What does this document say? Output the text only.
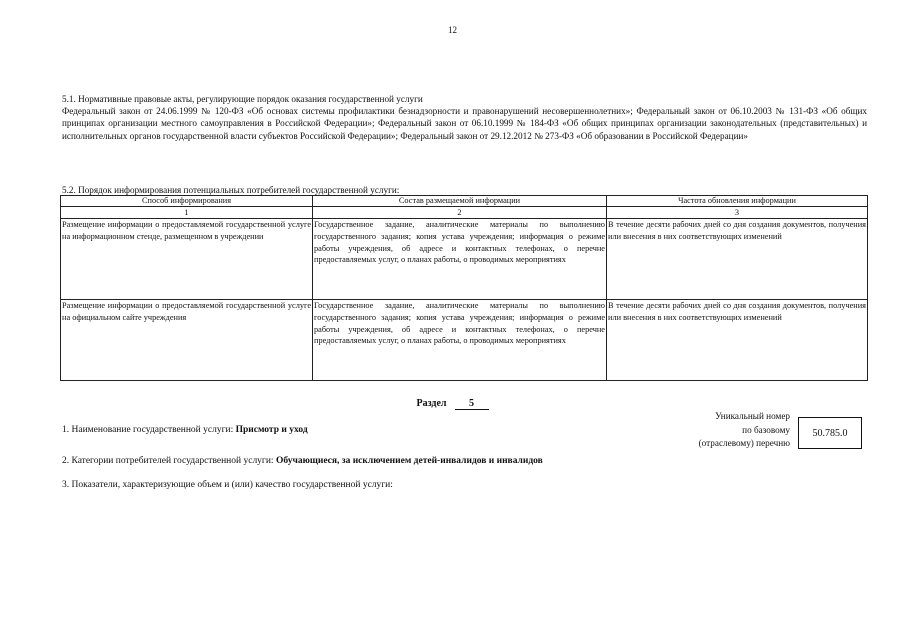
12
5.1. Нормативные правовые акты, регулирующие порядок оказания государственной услуги
Федеральный закон от 24.06.1999 № 120-ФЗ «Об основах системы профилактики безнадзорности и правонарушений несовершеннолетних»; Федеральный закон от 06.10.2003 № 131-ФЗ «Об общих принципах организации местного самоуправления в Российской Федерации»; Федеральный закон от 06.10.1999 № 184-ФЗ «Об общих принципах организации законодательных (представительных) и исполнительных органов государственной власти субъектов Российской Федерации»; Федеральный закон от 29.12.2012 № 273-ФЗ «Об образовании в Российской Федерации»
5.2. Порядок информирования потенциальных потребителей государственной услуги:
Способ информирования	Состав размещаемой информации	Частота обновления информации
1	2	3
Размещение информации о предоставляемой государственной услуге на информационном стенде, размещенном в учреждении	Государственное задание, аналитические материалы по выполнению государственного задания; копия устава учреждения; информация о режиме работы учреждения, об адресе и контактных телефонах, о перечне предоставляемых услуг, о планах работы, о проводимых мероприятиях	В течение десяти рабочих дней со дня создания документов, получения или внесения в них соответствующих изменений
Размещение информации о предоставляемой государственной услуге на официальном сайте учреждения	Государственное задание, аналитические материалы по выполнению государственного задания; копия устава учреждения; информация о режиме работы учреждения, об адресе и контактных телефонах, о перечне предоставляемых услуг, о планах работы, о проводимых мероприятиях	В течение десяти рабочих дней со дня создания документов, получения или внесения в них соответствующих изменений
Раздел 5
1. Наименование государственной услуги: Присмотр и уход
Уникальный номер
по базовому
(отраслевому) перечню
50.785.0
2. Категории потребителей государственной услуги: Обучающиеся, за исключением детей-инвалидов и инвалидов
3. Показатели, характеризующие объем и (или) качество государственной услуги:
